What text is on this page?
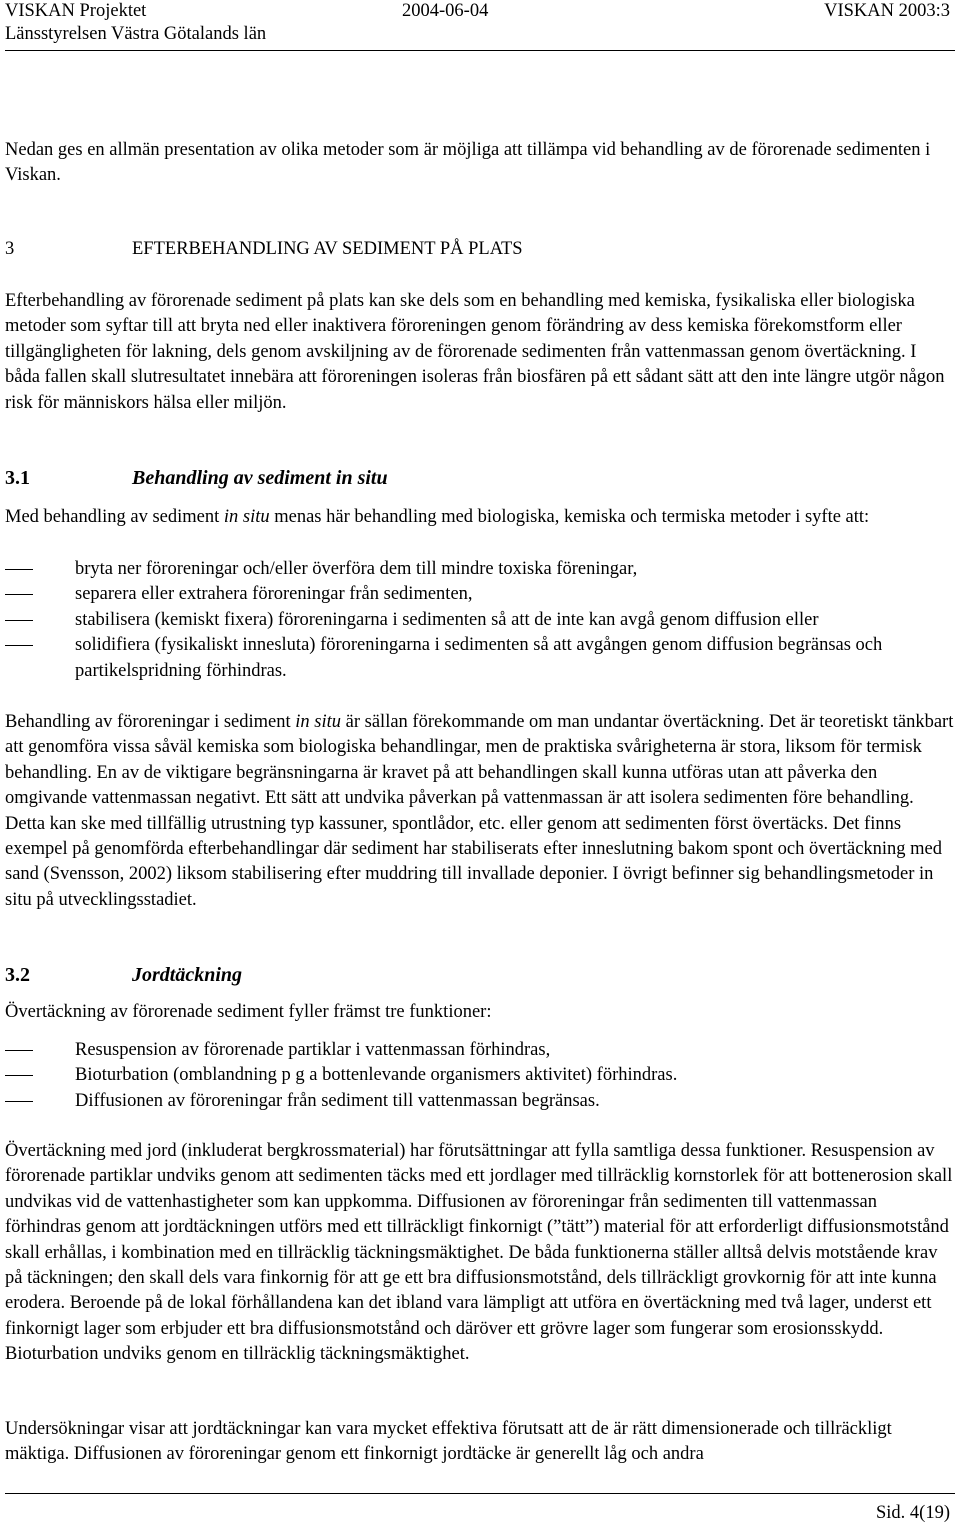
VISKAN Projektet	2004-06-04	VISKAN 2003:3
Länsstyrelsen Västra Götalands län

Nedan ges en allmän presentation av olika metoder som är möjliga att tillämpa vid behandling av de förorenade sedimenten i Viskan.

3	EFTERBEHANDLING AV SEDIMENT PÅ PLATS

Efterbehandling av förorenade sediment på plats kan ske dels som en behandling med kemiska, fysikaliska eller biologiska metoder som syftar till att bryta ned eller inaktivera föroreningen genom förändring av dess kemiska förekomstform eller tillgängligheten för lakning, dels genom avskiljning av de förorenade sedimenten från vattenmassan genom övertäckning. I båda fallen skall slutresultatet innebära att föroreningen isoleras från biosfären på ett sådant sätt att den inte längre utgör någon risk för människors hälsa eller miljön.

3.1	Behandling av sediment in situ

Med behandling av sediment in situ menas här behandling med biologiska, kemiska och termiska metoder i syfte att:

bryta ner föroreningar och/eller överföra dem till mindre toxiska föreningar,
separera eller extrahera föroreningar från sedimenten,
stabilisera (kemiskt fixera) föroreningarna i sedimenten så att de inte kan avgå genom diffusion eller
solidifiera (fysikaliskt innesluta) föroreningarna i sedimenten så att avgången genom diffusion begränsas och partikelspridning förhindras.

Behandling av föroreningar i sediment in situ är sällan förekommande om man undantar övertäckning. Det är teoretiskt tänkbart att genomföra vissa såväl kemiska som biologiska behandlingar, men de praktiska svårigheterna är stora, liksom för termisk behandling. En av de viktigare begränsningarna är kravet på att behandlingen skall kunna utföras utan att påverka den omgivande vattenmassan negativt. Ett sätt att undvika påverkan på vattenmassan är att isolera sedimenten före behandling. Detta kan ske med tillfällig utrustning typ kassuner, spontlådor, etc. eller genom att sedimenten först övertäcks. Det finns exempel på genomförda efterbehandlingar där sediment har stabiliserats efter inneslutning bakom spont och övertäckning med sand (Svensson, 2002) liksom stabilisering efter muddring till invallade deponier. I övrigt befinner sig behandlingsmetoder in situ på utvecklingsstadiet.

3.2	Jordtäckning

Övertäckning av förorenade sediment fyller främst tre funktioner:

Resuspension av förorenade partiklar i vattenmassan förhindras,
Bioturbation (omblandning p g a bottenlevande organismers aktivitet) förhindras.
Diffusionen av föroreningar från sediment till vattenmassan begränsas.

Övertäckning med jord (inkluderat bergkrossmaterial) har förutsättningar att fylla samtliga dessa funktioner. Resuspension av förorenade partiklar undviks genom att sedimenten täcks med ett jordlager med tillräcklig kornstorlek för att bottenerosion skall undvikas vid de vattenhastigheter som kan uppkomma. Diffusionen av föroreningar från sedimenten till vattenmassan förhindras genom att jordtäckningen utförs med ett tillräckligt finkornigt (”tätt”) material för att erforderligt diffusionsmotstånd skall erhållas, i kombination med en tillräcklig täckningsmäktighet. De båda funktionerna ställer alltså delvis motstående krav på täckningen; den skall dels vara finkornig för att ge ett bra diffusionsmotstånd, dels tillräckligt grovkornig för att inte kunna erodera. Beroende på de lokal förhållandena kan det ibland vara lämpligt att utföra en övertäckning med två lager, underst ett finkornigt lager som erbjuder ett bra diffusionsmotstånd och däröver ett grövre lager som fungerar som erosionsskydd. Bioturbation undviks genom en tillräcklig täckningsmäktighet.

Undersökningar visar att jordtäckningar kan vara mycket effektiva förutsatt att de är rätt dimensionerade och tillräckligt mäktiga. Diffusionen av föroreningar genom ett finkornigt jordtäcke är generellt låg och andra

Sid. 4(19)
